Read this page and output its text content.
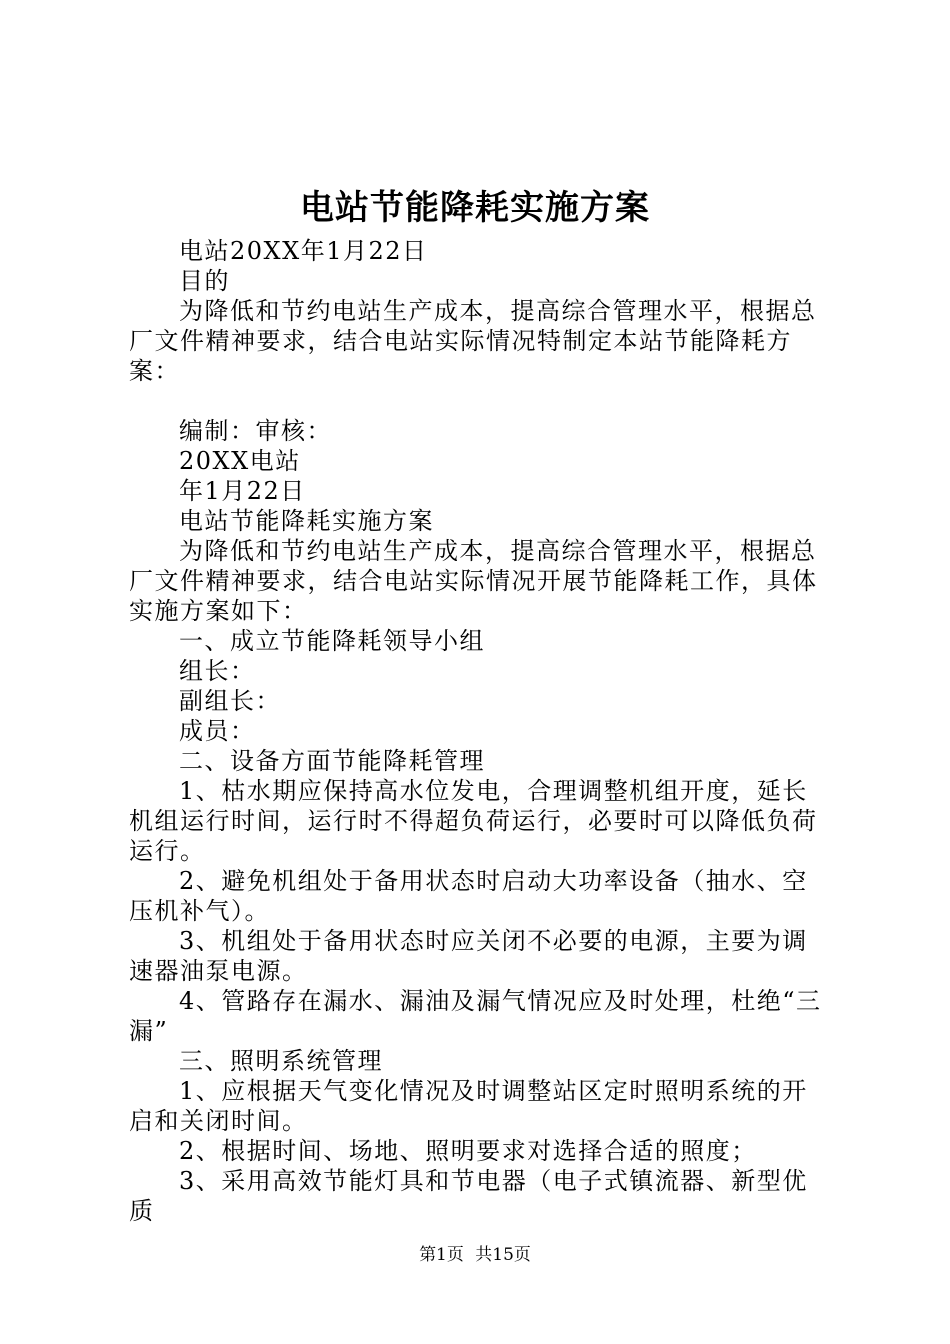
电站节能降耗实施方案

电站20XX年1月22日

目的

为降低和节约电站生产成本，提高综合管理水平，根据总厂文件精神要求，结合电站实际情况特制定本站节能降耗方案：

编制：审核：

20XX电站

年1月22日

电站节能降耗实施方案

为降低和节约电站生产成本，提高综合管理水平，根据总厂文件精神要求，结合电站实际情况开展节能降耗工作，具体实施方案如下：

一、成立节能降耗领导小组

组长：

副组长：

成员：

二、设备方面节能降耗管理

1、枯水期应保持高水位发电，合理调整机组开度，延长机组运行时间，运行时不得超负荷运行，必要时可以降低负荷运行。

2、避免机组处于备用状态时启动大功率设备（抽水、空压机补气）。

3、机组处于备用状态时应关闭不必要的电源，主要为调速器油泵电源。

4、管路存在漏水、漏油及漏气情况应及时处理，杜绝“三漏”

三、照明系统管理

1、应根据天气变化情况及时调整站区定时照明系统的开启和关闭时间。

2、根据时间、场地、照明要求对选择合适的照度；

3、采用高效节能灯具和节电器（电子式镇流器、新型优质

第1页 共15页
